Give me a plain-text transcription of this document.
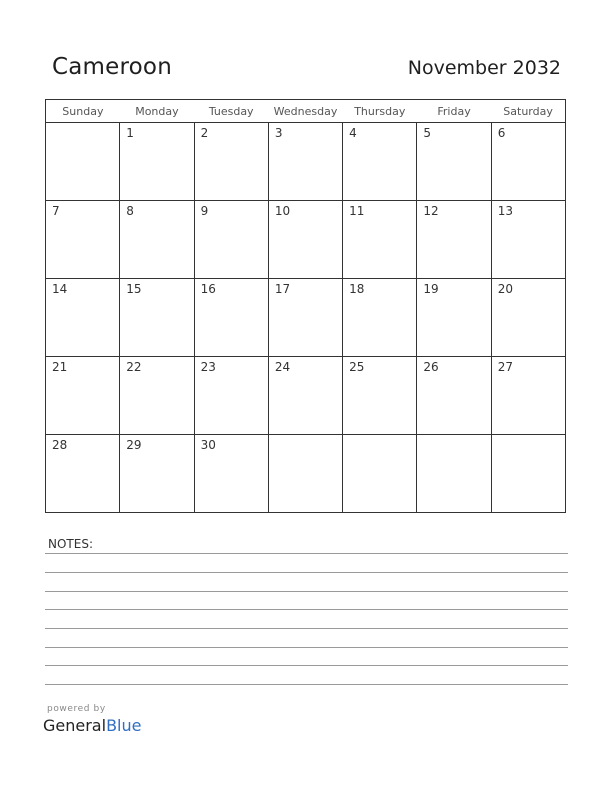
Cameroon	November 2032
Sunday	Monday	Tuesday	Wednesday	Thursday	Friday	Saturday

	1	2	3	4	5	6

7	8	9	10	11	12	13

14	15	16	17	18	19	20

21	22	23	24	25	26	27

28	29	30				

NOTES:
powered by
GeneralBlue
